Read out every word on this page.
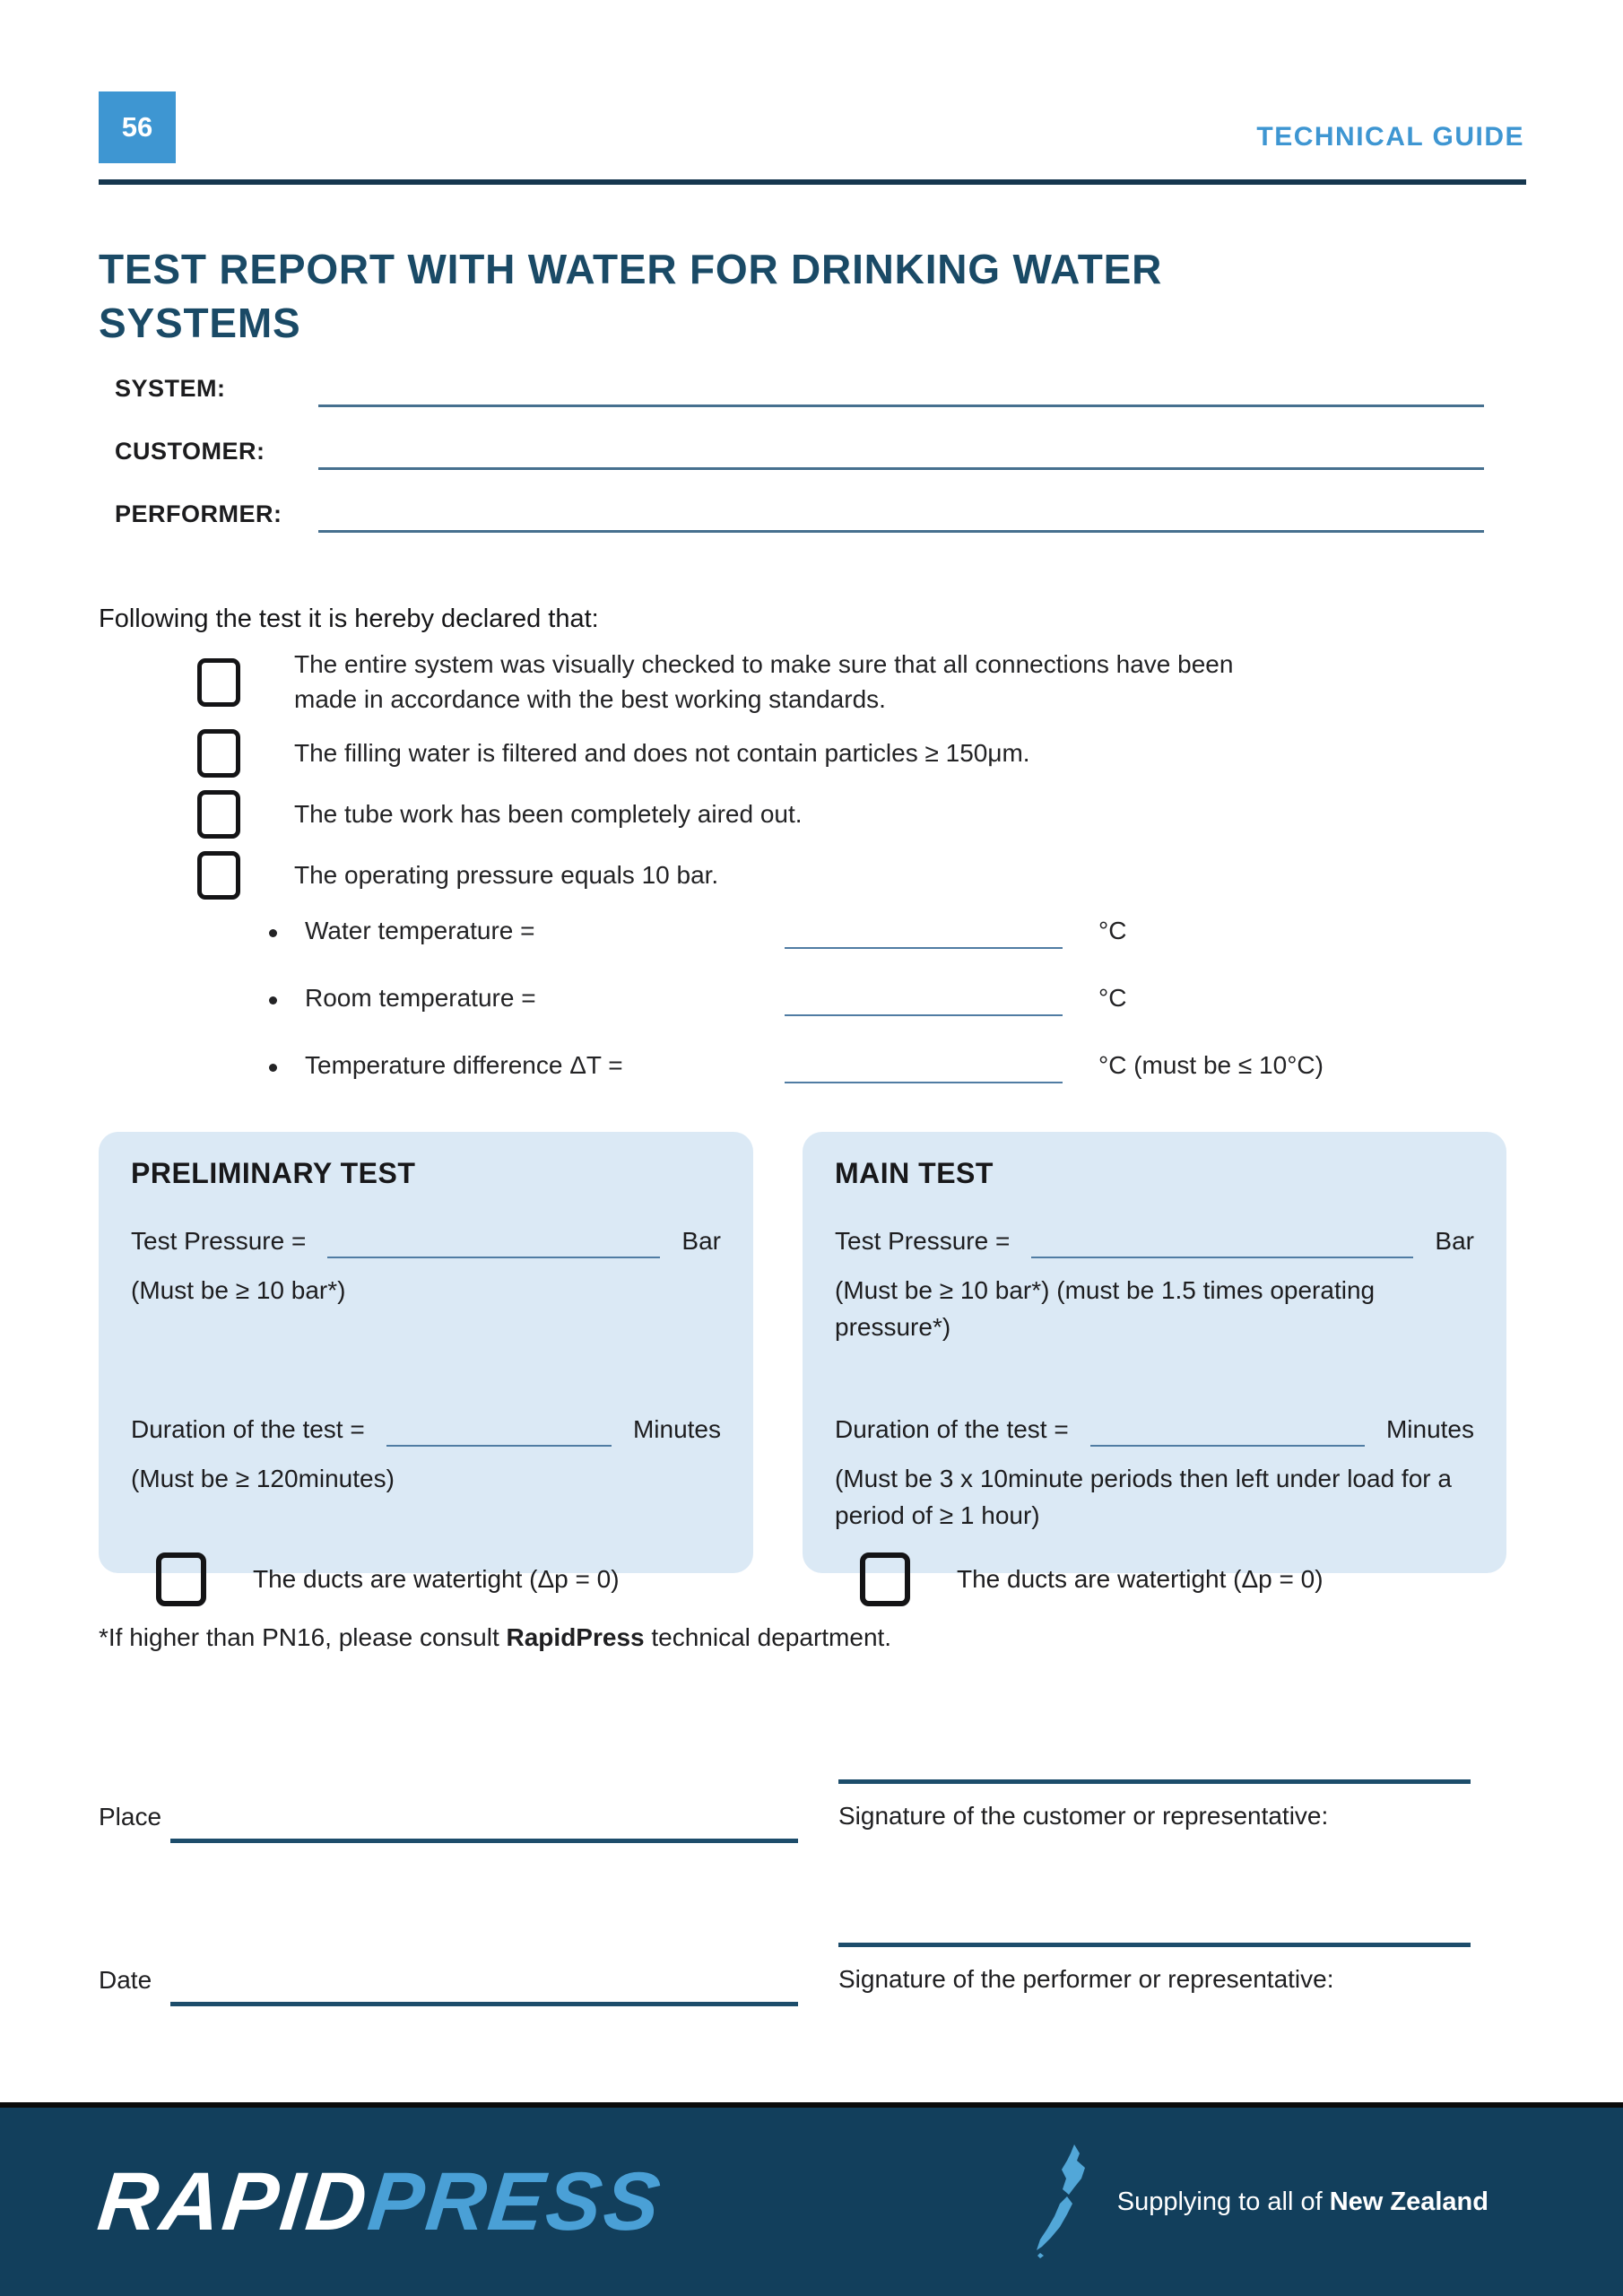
56	TECHNICAL GUIDE
TEST REPORT WITH WATER FOR DRINKING WATER SYSTEMS
SYSTEM:
CUSTOMER:
PERFORMER:

Following the test it is hereby declared that:

The entire system was visually checked to make sure that all connections have been made in accordance with the best working standards.
The filling water is filtered and does not contain particles ≥ 150μm.
The tube work has been completely aired out.
The operating pressure equals 10 bar.
Water temperature =	°C
Room temperature =	°C
Temperature difference ΔT =	°C (must be ≤ 10°C)
PRELIMINARY TEST
Test Pressure =	Bar
(Must be ≥ 10 bar*)
Duration of the test =	Minutes
(Must be ≥ 120minutes)
The ducts are watertight (Δp = 0)
MAIN TEST
Test Pressure =	Bar
(Must be ≥ 10 bar*) (must be 1.5 times operating pressure*)
Duration of the test =	Minutes
(Must be 3 x 10minute periods then left under load for a period of ≥ 1 hour)
The ducts are watertight (Δp = 0)

*If higher than PN16, please consult RapidPress technical department.

Place	Signature of the customer or representative:
Date	Signature of the performer or representative:
RAPIDPRESS	Supplying to all of New Zealand
